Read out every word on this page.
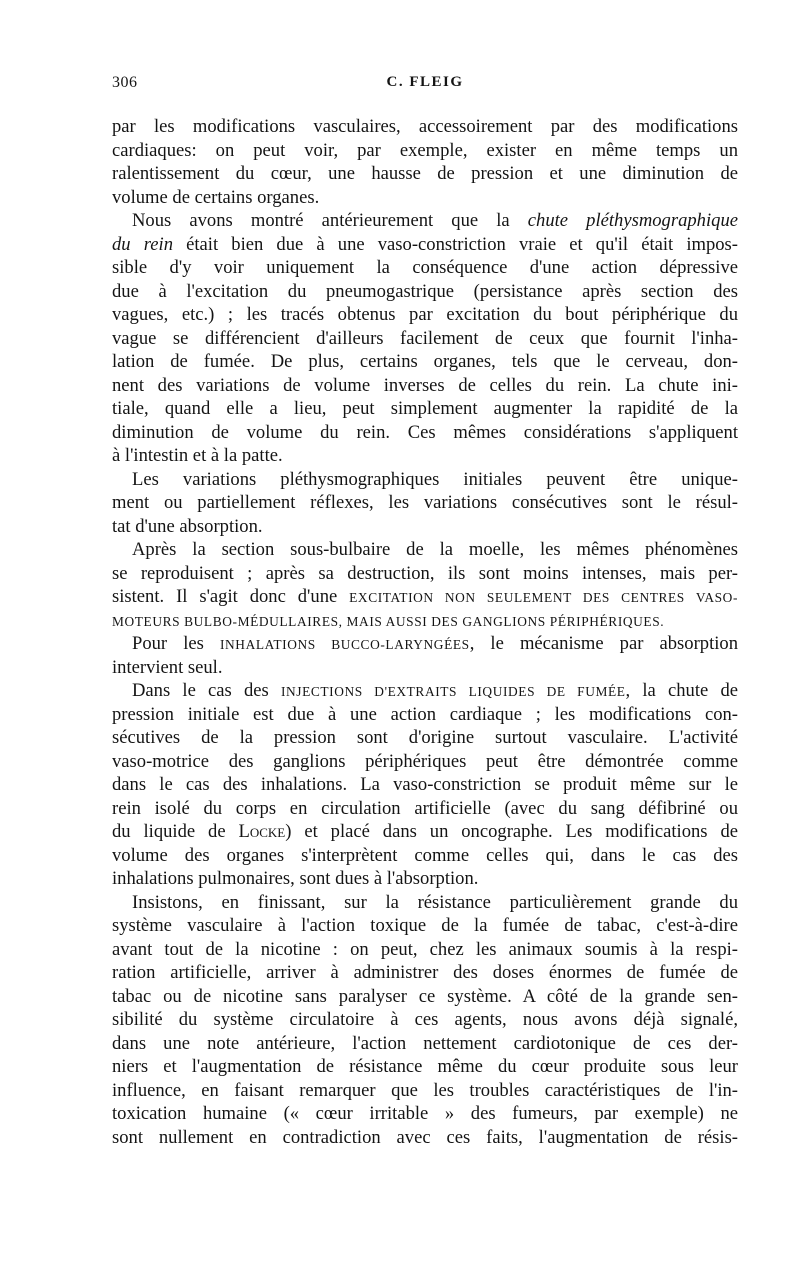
306	C. FLEIG
par les modifications vasculaires, accessoirement par des modifications
cardiaques: on peut voir, par exemple, exister en même temps un
ralentissement du cœur, une hausse de pression et une diminution de
volume de certains organes.
Nous avons montré antérieurement que la chute pléthysmographique
du rein était bien due à une vaso-constriction vraie et qu'il était impos-
sible d'y voir uniquement la conséquence d'une action dépressive
due à l'excitation du pneumogastrique (persistance après section des
vagues, etc.) ; les tracés obtenus par excitation du bout périphérique du
vague se différencient d'ailleurs facilement de ceux que fournit l'inha-
lation de fumée. De plus, certains organes, tels que le cerveau, don-
nent des variations de volume inverses de celles du rein. La chute ini-
tiale, quand elle a lieu, peut simplement augmenter la rapidité de la
diminution de volume du rein. Ces mêmes considérations s'appliquent
à l'intestin et à la patte.
Les variations pléthysmographiques initiales peuvent être unique-
ment ou partiellement réflexes, les variations consécutives sont le résul-
tat d'une absorption.
Après la section sous-bulbaire de la moelle, les mêmes phénomènes
se reproduisent ; après sa destruction, ils sont moins intenses, mais per-
sistent. Il s'agit donc d'une EXCITATION NON SEULEMENT DES CENTRES VASO-
MOTEURS BULBO-MÉDULLAIRES, MAIS AUSSI DES GANGLIONS PÉRIPHÉRIQUES.
Pour les INHALATIONS BUCCO-LARYNGÉES, le mécanisme par absorption
intervient seul.
Dans le cas des INJECTIONS D'EXTRAITS LIQUIDES DE FUMÉE, la chute de
pression initiale est due à une action cardiaque ; les modifications con-
sécutives de la pression sont d'origine surtout vasculaire. L'activité
vaso-motrice des ganglions périphériques peut être démontrée comme
dans le cas des inhalations. La vaso-constriction se produit même sur le
rein isolé du corps en circulation artificielle (avec du sang défibriné ou
du liquide de Locke) et placé dans un oncographe. Les modifications de
volume des organes s'interprètent comme celles qui, dans le cas des
inhalations pulmonaires, sont dues à l'absorption.
Insistons, en finissant, sur la résistance particulièrement grande du
système vasculaire à l'action toxique de la fumée de tabac, c'est-à-dire
avant tout de la nicotine : on peut, chez les animaux soumis à la respi-
ration artificielle, arriver à administrer des doses énormes de fumée de
tabac ou de nicotine sans paralyser ce système. A côté de la grande sen-
sibilité du système circulatoire à ces agents, nous avons déjà signalé,
dans une note antérieure, l'action nettement cardiotonique de ces der-
niers et l'augmentation de résistance même du cœur produite sous leur
influence, en faisant remarquer que les troubles caractéristiques de l'in-
toxication humaine (« cœur irritable » des fumeurs, par exemple) ne
sont nullement en contradiction avec ces faits, l'augmentation de résis-
